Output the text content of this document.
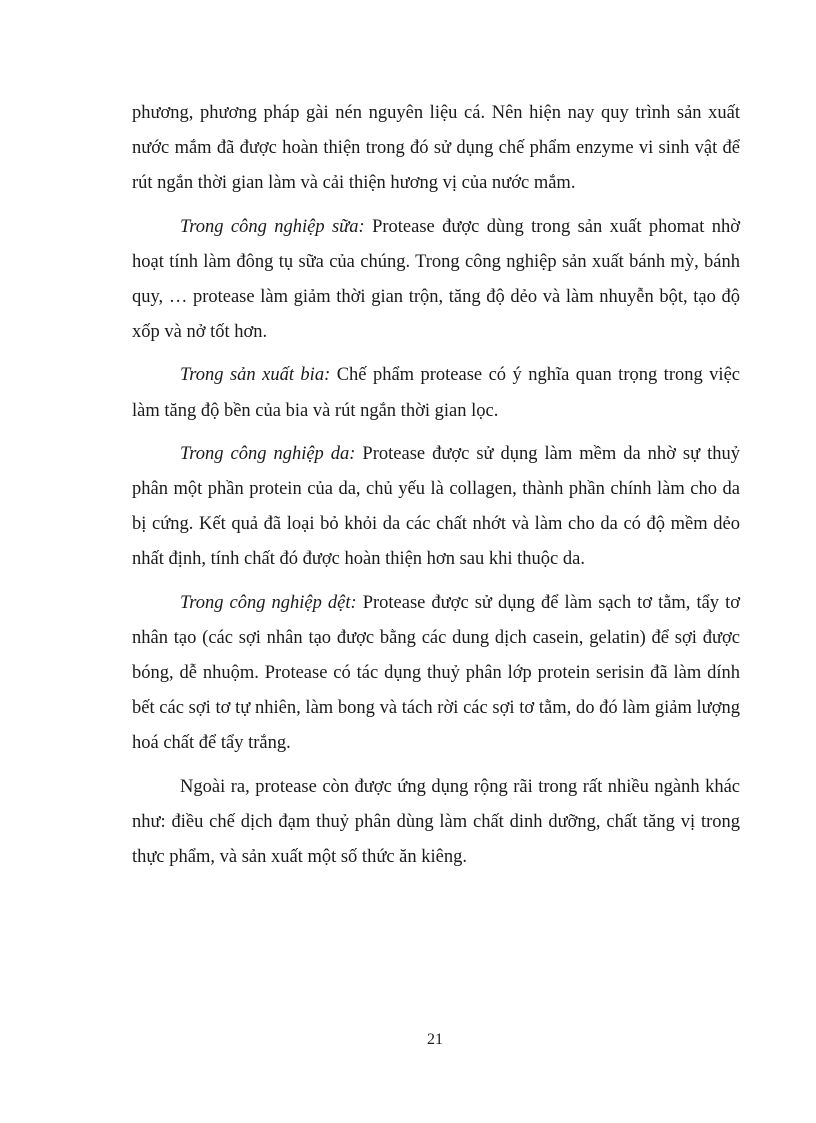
phương, phương pháp gài nén nguyên liệu cá. Nên hiện nay quy trình sản xuất nước mắm đã được hoàn thiện trong đó sử dụng chế phẩm enzyme vi sinh vật để rút ngắn thời gian làm và cải thiện hương vị của nước mắm.

Trong công nghiệp sữa: Protease được dùng trong sản xuất phomat nhờ hoạt tính làm đông tụ sữa của chúng. Trong công nghiệp sản xuất bánh mỳ, bánh quy, … protease làm giảm thời gian trộn, tăng độ dẻo và làm nhuyễn bột, tạo độ xốp và nở tốt hơn.

Trong sản xuất bia: Chế phẩm protease có ý nghĩa quan trọng trong việc làm tăng độ bền của bia và rút ngắn thời gian lọc.

Trong công nghiệp da: Protease được sử dụng làm mềm da nhờ sự thuỷ phân một phần protein của da, chủ yếu là collagen, thành phần chính làm cho da bị cứng. Kết quả đã loại bỏ khỏi da các chất nhớt và làm cho da có độ mềm dẻo nhất định, tính chất đó được hoàn thiện hơn sau khi thuộc da.

Trong công nghiệp dệt: Protease được sử dụng để làm sạch tơ tằm, tẩy tơ nhân tạo (các sợi nhân tạo được bằng các dung dịch casein, gelatin) để sợi được bóng, dễ nhuộm. Protease có tác dụng thuỷ phân lớp protein serisin đã làm dính bết các sợi tơ tự nhiên, làm bong và tách rời các sợi tơ tằm, do đó làm giảm lượng hoá chất để tẩy trắng.

Ngoài ra, protease còn được ứng dụng rộng rãi trong rất nhiều ngành khác như: điều chế dịch đạm thuỷ phân dùng làm chất dinh dưỡng, chất tăng vị trong thực phẩm, và sản xuất một số thức ăn kiêng.

21
